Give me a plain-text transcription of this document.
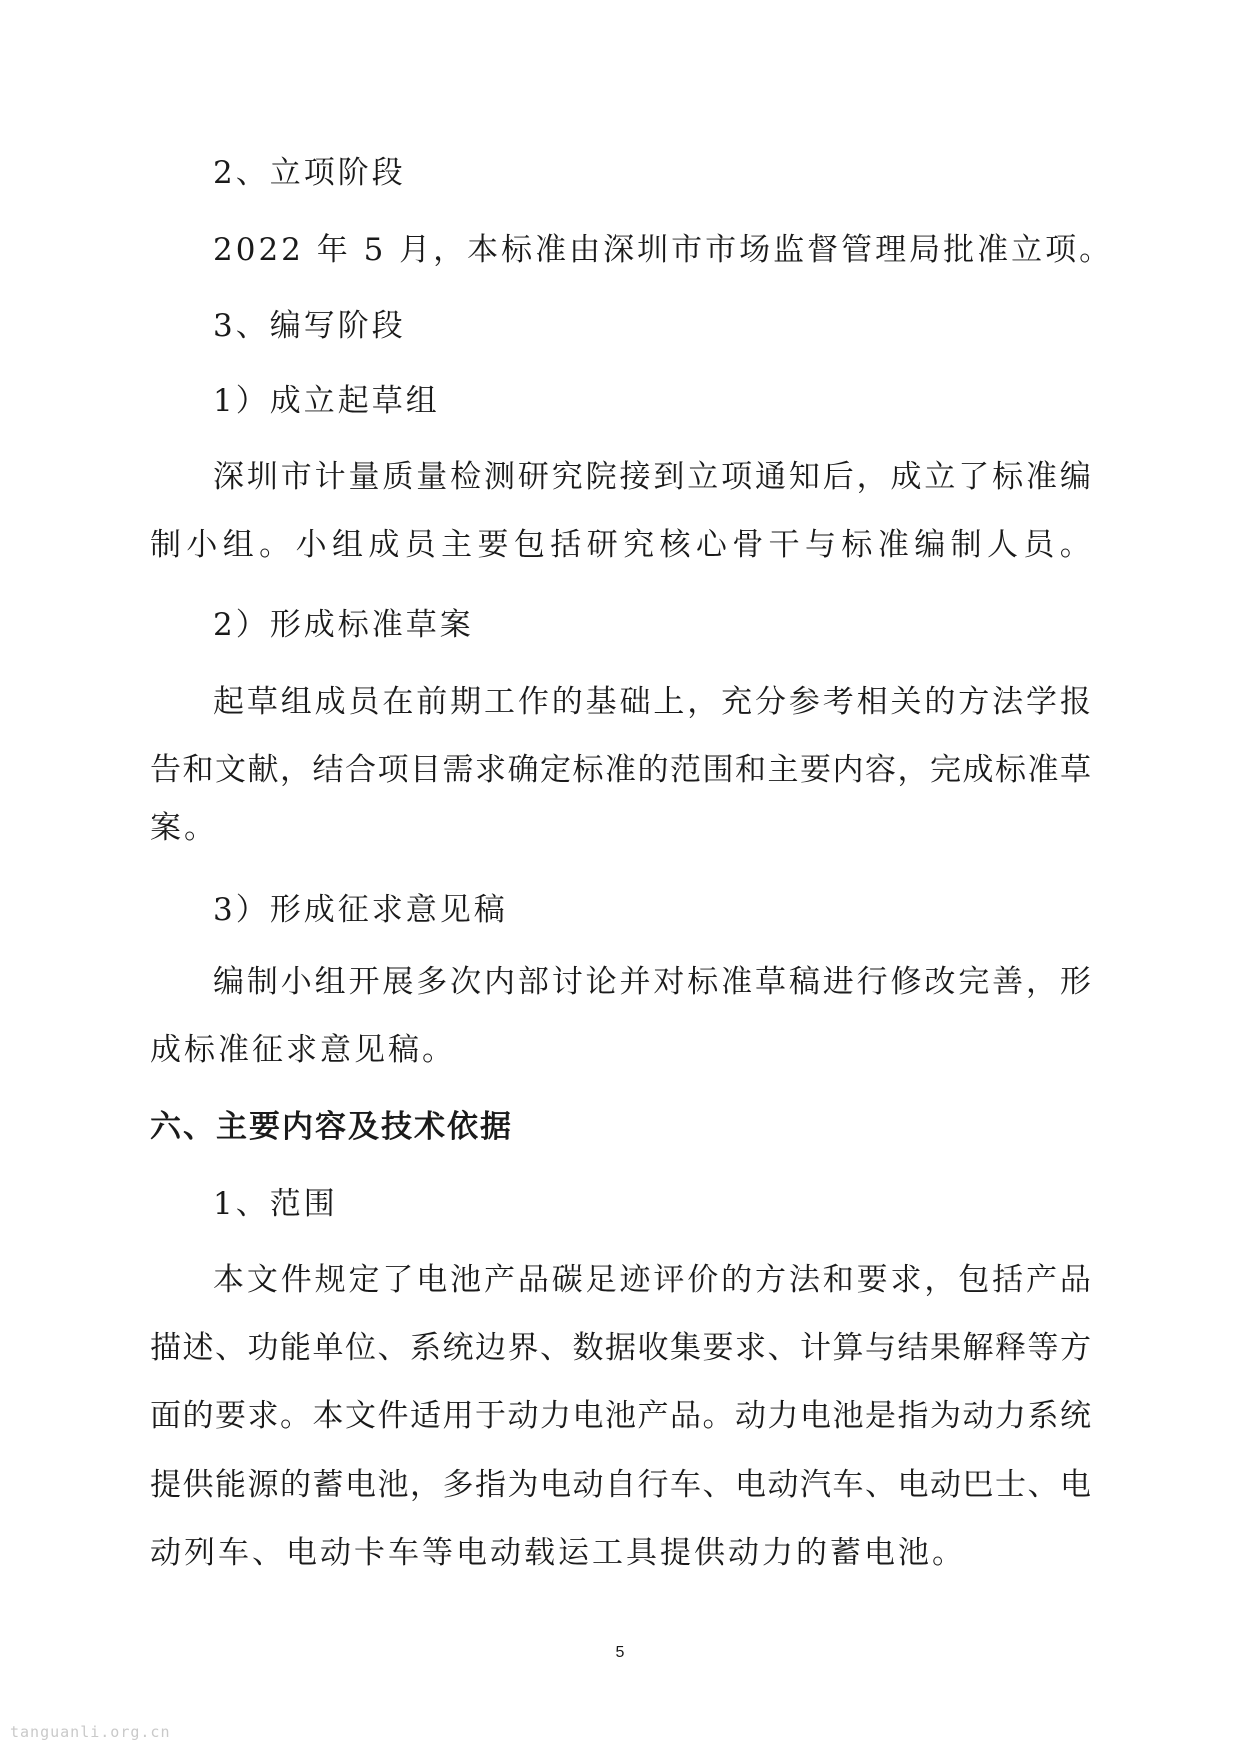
2、立项阶段
2022 年 5 月，本标准由深圳市市场监督管理局批准立项。
3、编写阶段
1）成立起草组
深 圳 市 计 量 质 量 检 测 研 究 院 接 到 立 项 通 知 后 ， 成 立 了 标 准 编
制 小 组 。 小 组 成 员 主 要 包 括 研 究 核 心 骨 干 与 标 准 编 制 人 员 。
2）形成标准草案
起 草 组 成 员 在 前 期 工 作 的 基 础 上 ， 充 分 参 考 相 关 的 方 法 学 报
告 和 文 献 ， 结 合 项 目 需 求 确 定 标 准 的 范 围 和 主 要 内 容 ， 完 成 标 准 草
案。
3）形成征求意见稿
编 制 小 组 开 展 多 次 内 部 讨 论 并 对 标 准 草 稿 进 行 修 改 完 善 ， 形
成标准征求意见稿。
六、主要内容及技术依据
1、范围
本 文 件 规 定 了 电 池 产 品 碳 足 迹 评 价 的 方 法 和 要 求 ， 包 括 产 品
描 述 、 功 能 单 位 、 系 统 边 界 、 数 据 收 集 要 求 、 计 算 与 结 果 解 释 等 方
面 的 要 求 。 本 文 件 适 用 于 动 力 电 池 产 品 。 动 力 电 池 是 指 为 动 力 系 统
提 供 能 源 的 蓄 电 池 ， 多 指 为 电 动 自 行 车 、 电 动 汽 车 、 电 动 巴 士 、 电
动列车、电动卡车等电动载运工具提供动力的蓄电池。
5
tanguanli.org.cn
